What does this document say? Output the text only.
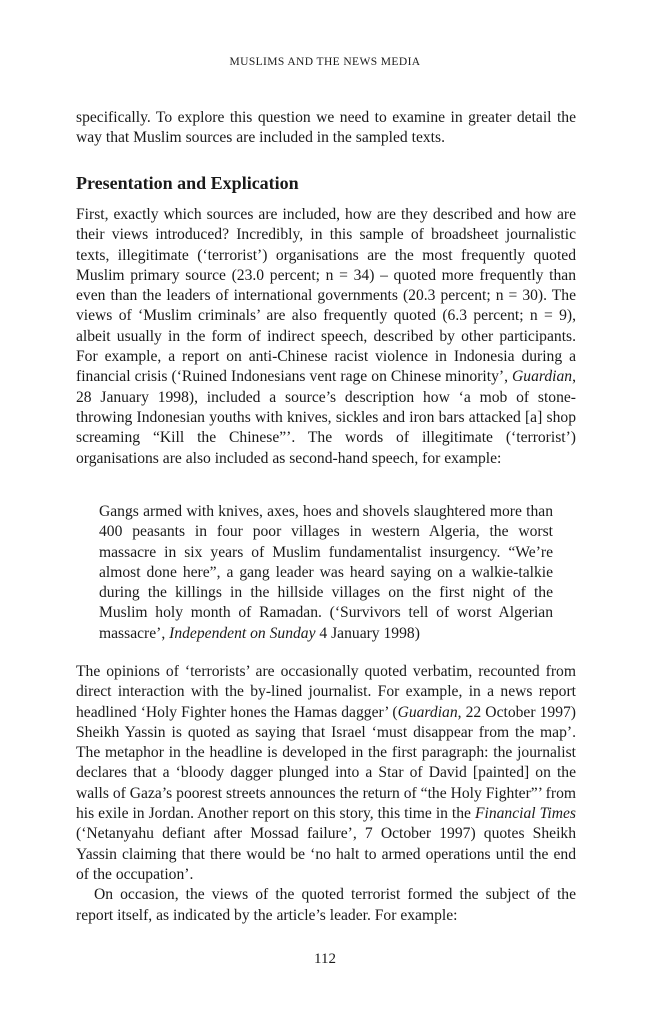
MUSLIMS AND THE NEWS MEDIA

specifically. To explore this question we need to examine in greater detail the way that Muslim sources are included in the sampled texts.

Presentation and Explication

First, exactly which sources are included, how are they described and how are their views introduced? Incredibly, in this sample of broadsheet journalistic texts, illegitimate (‘terrorist’) organisations are the most frequently quoted Muslim primary source (23.0 percent; n = 34) – quoted more frequently than even than the leaders of international governments (20.3 percent; n = 30). The views of ‘Muslim criminals’ are also frequently quoted (6.3 percent; n = 9), albeit usually in the form of indirect speech, described by other participants. For example, a report on anti-Chinese racist violence in Indonesia during a financial crisis (‘Ruined Indonesians vent rage on Chinese minority’, Guardian, 28 January 1998), included a source’s description how ‘a mob of stone-throwing Indonesian youths with knives, sickles and iron bars attacked [a] shop screaming “Kill the Chinese”’. The words of illegitimate (‘terrorist’) organisations are also included as second-hand speech, for example:

Gangs armed with knives, axes, hoes and shovels slaughtered more than 400 peasants in four poor villages in western Algeria, the worst massacre in six years of Muslim fundamentalist insurgency. “We’re almost done here”, a gang leader was heard saying on a walkie-talkie during the killings in the hillside villages on the first night of the Muslim holy month of Ramadan. (‘Survivors tell of worst Algerian massacre’, Independent on Sunday 4 January 1998)

The opinions of ‘terrorists’ are occasionally quoted verbatim, recounted from direct interaction with the by-lined journalist. For example, in a news report headlined ‘Holy Fighter hones the Hamas dagger’ (Guardian, 22 October 1997) Sheikh Yassin is quoted as saying that Israel ‘must disappear from the map’. The metaphor in the headline is developed in the first paragraph: the journalist declares that a ‘bloody dagger plunged into a Star of David [painted] on the walls of Gaza’s poorest streets announces the return of “the Holy Fighter”’ from his exile in Jordan. Another report on this story, this time in the Financial Times (‘Netanyahu defiant after Mossad failure’, 7 October 1997) quotes Sheikh Yassin claiming that there would be ‘no halt to armed operations until the end of the occupation’.

On occasion, the views of the quoted terrorist formed the subject of the report itself, as indicated by the article’s leader. For example:

112
